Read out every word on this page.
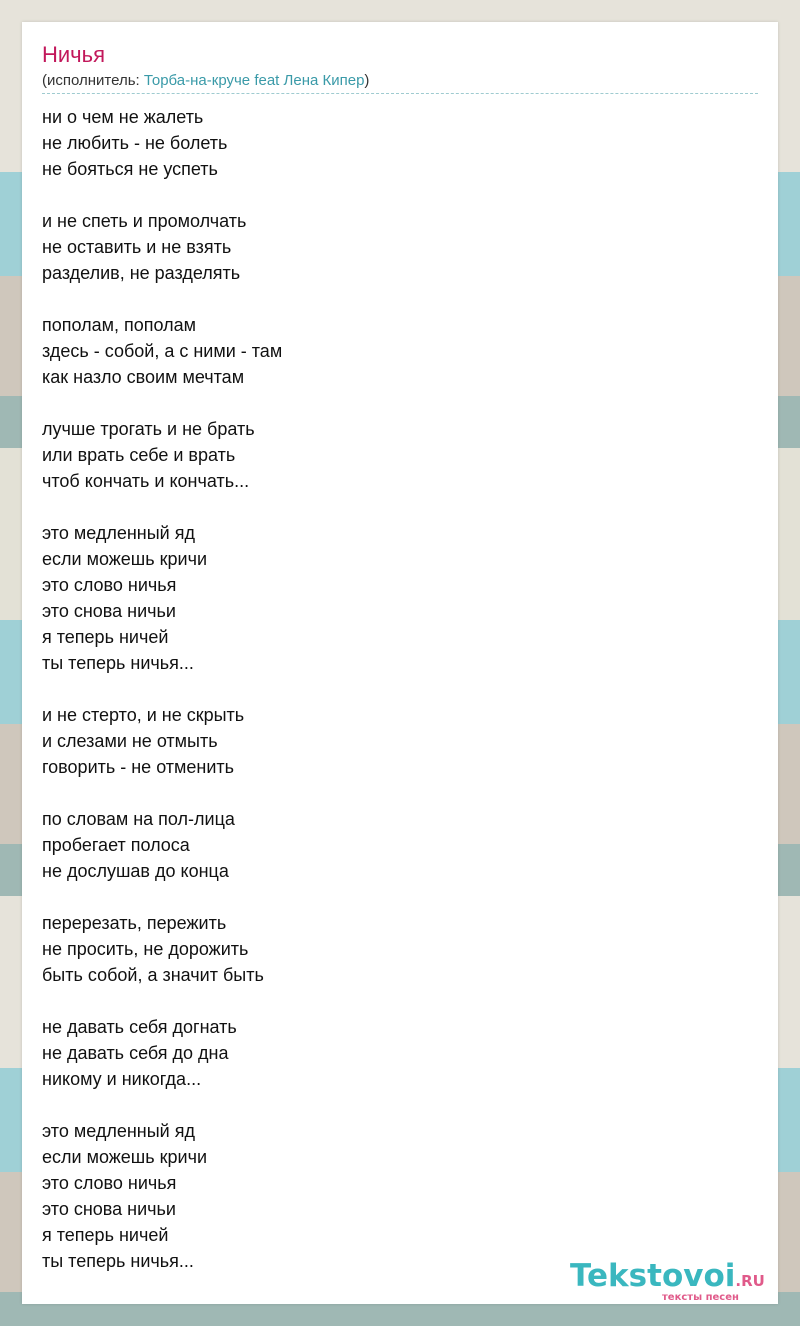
Ничья
(исполнитель: Торба-на-круче feat Лена Кипер)
ни о чем не жалеть
не любить - не болеть
не бояться не успеть
и не спеть и промолчать
не оставить и не взять
разделив, не разделять
пополам, пополам
здесь - собой, а с ними - там
как назло своим мечтам
лучше трогать и не брать
или врать себе и врать
чтоб кончать и кончать...
это медленный яд
если можешь кричи
это слово ничья
это снова ничьи
я теперь ничей
ты теперь ничья...
и не стерто, и не скрыть
и слезами не отмыть
говорить - не отменить
по словам на пол-лица
пробегает полоса
не дослушав до конца
перерезать, пережить
не просить, не дорожить
быть собой, а значит быть
не давать себя догнать
не давать себя до дна
никому и никогда...
это медленный яд
если можешь кричи
это слово ничья
это снова ничьи
я теперь ничей
ты теперь ничья...	Tekstovoi.RU
тексты песен
